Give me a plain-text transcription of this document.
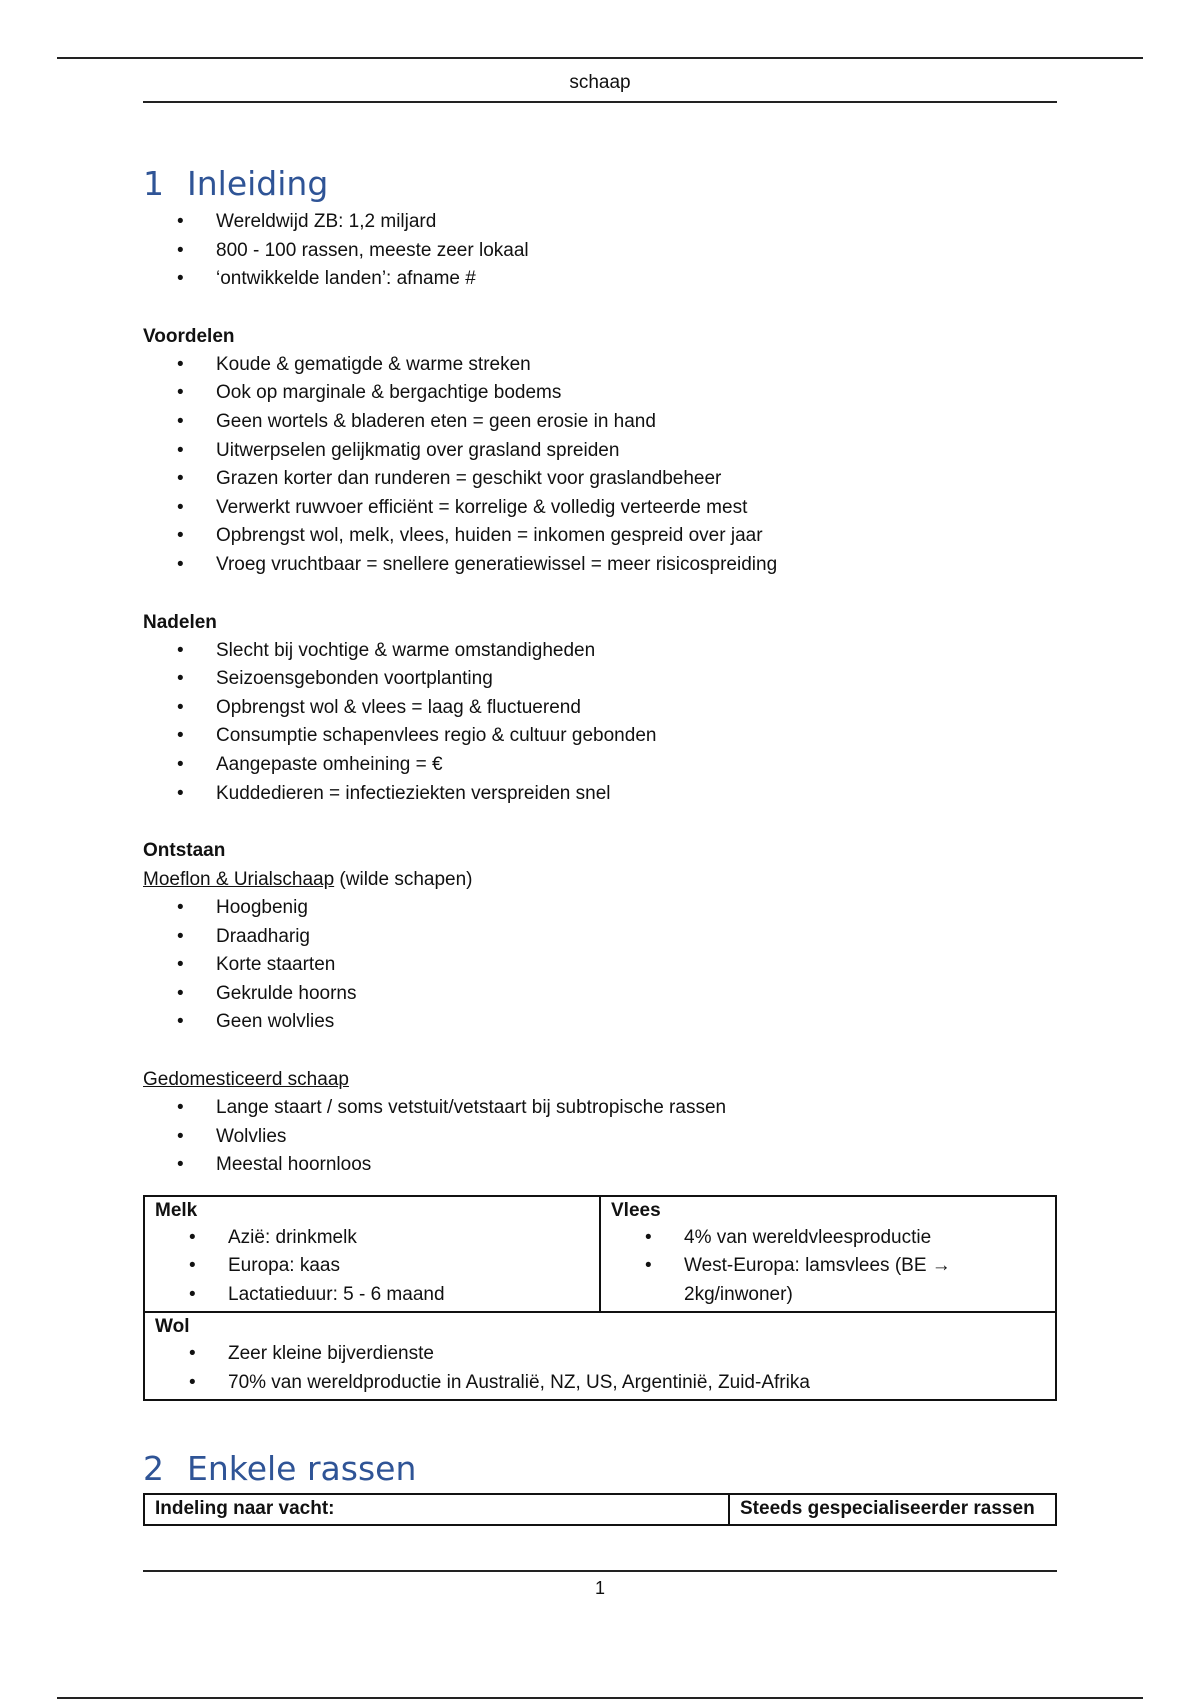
schaap
1 Inleiding
• Wereldwijd ZB: 1,2 miljard
• 800 - 100 rassen, meeste zeer lokaal
• ‘ontwikkelde landen’: afname #
Voordelen
• Koude & gematigde & warme streken
• Ook op marginale & bergachtige bodems
• Geen wortels & bladeren eten = geen erosie in hand
• Uitwerpselen gelijkmatig over grasland spreiden
• Grazen korter dan runderen = geschikt voor graslandbeheer
• Verwerkt ruwvoer efficiënt = korrelige & volledig verteerde mest
• Opbrengst wol, melk, vlees, huiden = inkomen gespreid over jaar
• Vroeg vruchtbaar = snellere generatiewissel = meer risicospreiding
Nadelen
• Slecht bij vochtige & warme omstandigheden
• Seizoensgebonden voortplanting
• Opbrengst wol & vlees = laag & fluctuerend
• Consumptie schapenvlees regio & cultuur gebonden
• Aangepaste omheining = €
• Kuddedieren = infectieziekten verspreiden snel
Ontstaan
Moeflon & Urialschaap (wilde schapen)
• Hoogbenig
• Draadharig
• Korte staarten
• Gekrulde hoorns
• Geen wolvlies
Gedomesticeerd schaap
• Lange staart / soms vetstuit/vetstaart bij subtropische rassen
• Wolvlies
• Meestal hoornloos
Melk
• Azië: drinkmelk
• Europa: kaas
• Lactatieduur: 5 - 6 maand

Vlees
• 4% van wereldvleesproductie
• West-Europa: lamsvlees (BE → 2kg/inwoner)

Wol
• Zeer kleine bijverdienste
• 70% van wereldproductie in Australië, NZ, US, Argentinië, Zuid-Afrika
2 Enkele rassen
Indeling naar vacht:	Steeds gespecialiseerder rassen
1
